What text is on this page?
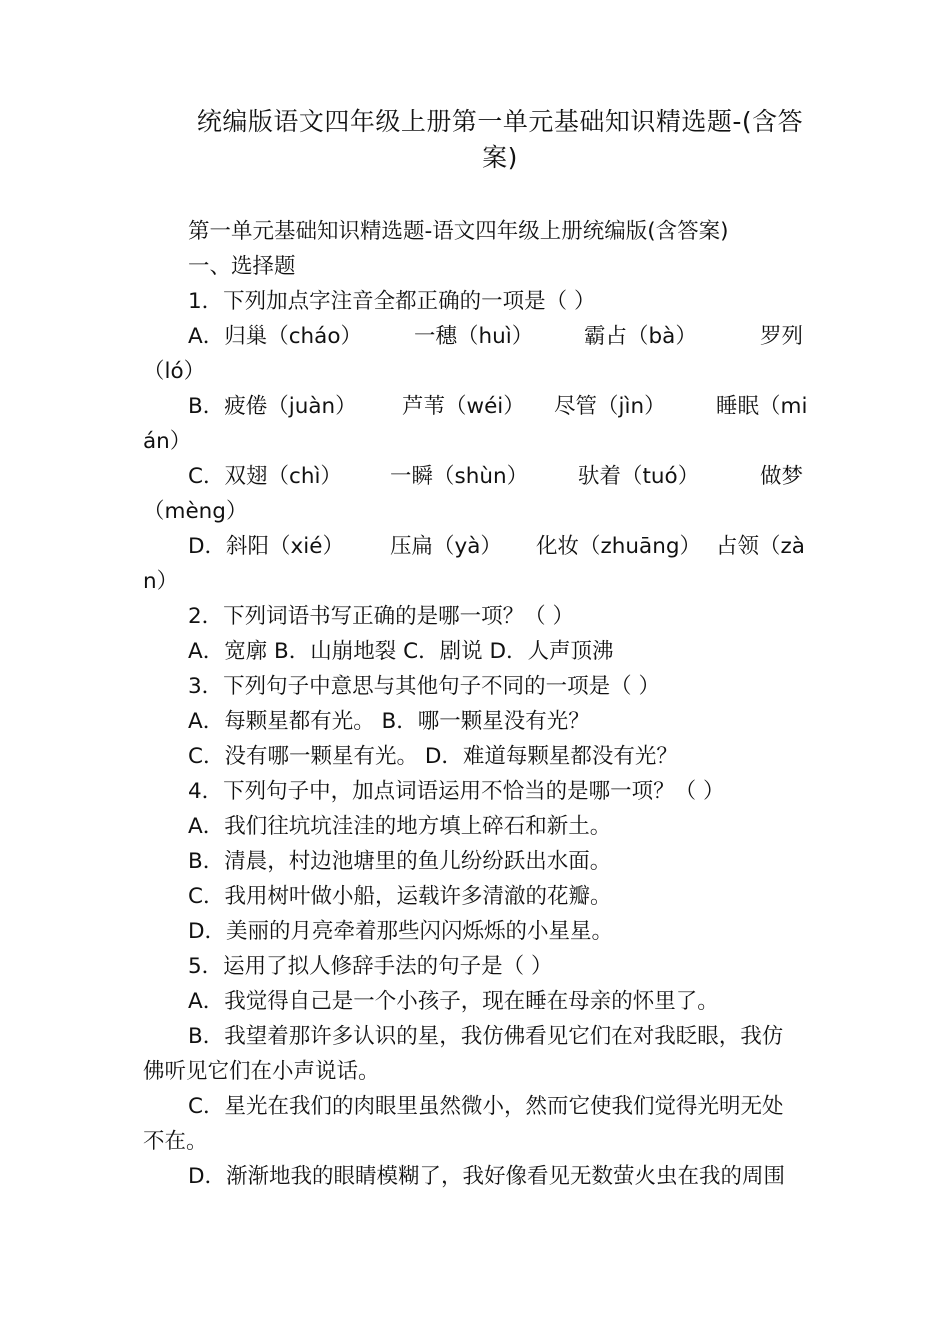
统编版语文四年级上册第一单元基础知识精选题-(含答
案)
第一单元基础知识精选题-语文四年级上册统编版(含答案)
一、选择题
1．下列加点字注音全都正确的一项是（ ）
A．归巢（cháo） 一穗（huì） 霸占（bà）	罗列
（ló）
B．疲倦（juàn） 芦苇（wéi） 尽管（jìn） 睡眠（mi
án）
C．双翅（chì） 一瞬（shùn） 驮着（tuó）	做梦
（mèng）
D．斜阳（xié） 压扁（yà） 化妆（zhuāng） 占领（zà
n）
2．下列词语书写正确的是哪一项？（ ）
A．宽廓 B．山崩地裂 C．剧说 D．人声顶沸
3．下列句子中意思与其他句子不同的一项是（ ）
A．每颗星都有光。 B．哪一颗星没有光？
C．没有哪一颗星有光。 D．难道每颗星都没有光？
4．下列句子中，加点词语运用不恰当的是哪一项？（ ）
A．我们往坑坑洼洼的地方填上碎石和新土。
B．清晨，村边池塘里的鱼儿纷纷跃出水面。
C．我用树叶做小船，运载许多清澈的花瓣。
D．美丽的月亮牵着那些闪闪烁烁的小星星。
5．运用了拟人修辞手法的句子是（ ）
A．我觉得自己是一个小孩子，现在睡在母亲的怀里了。
B．我望着那许多认识的星，我仿佛看见它们在对我眨眼，我仿
佛听见它们在小声说话。
C．星光在我们的肉眼里虽然微小，然而它使我们觉得光明无处
不在。
D．渐渐地我的眼睛模糊了，我好像看见无数萤火虫在我的周围
